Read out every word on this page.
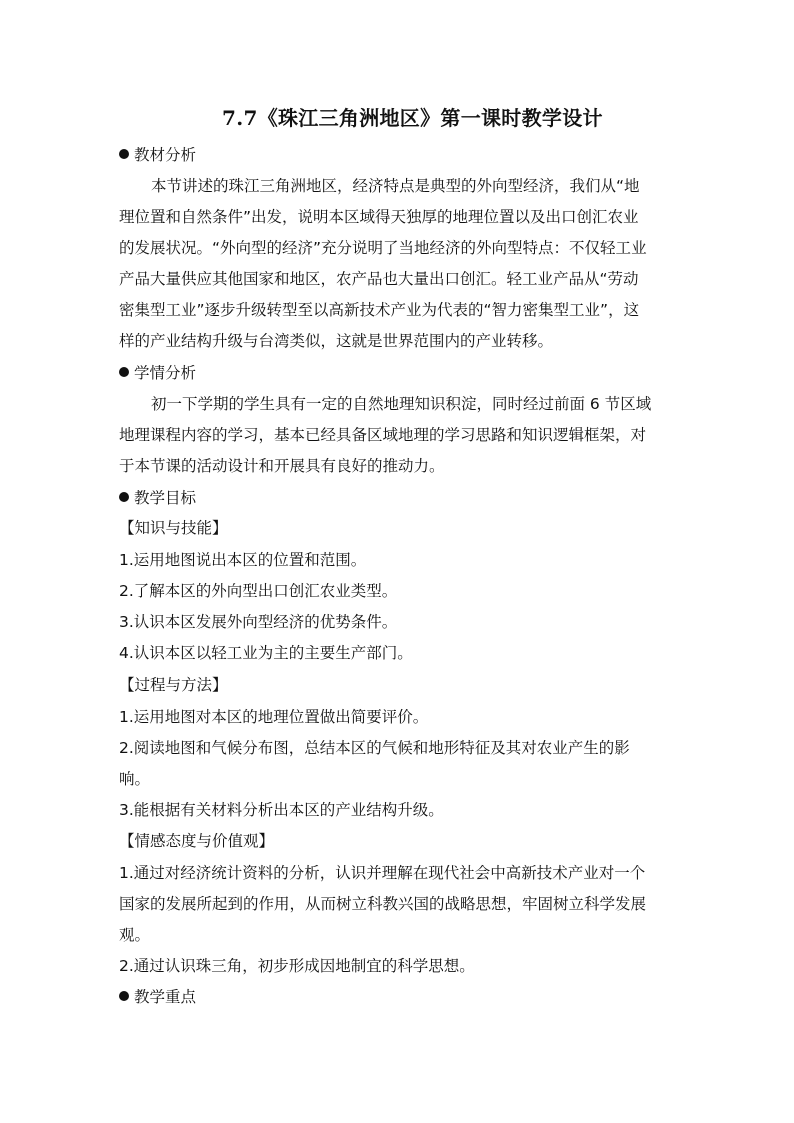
7.7《珠江三角洲地区》第一课时教学设计
教材分析
本节讲述的珠江三角洲地区，经济特点是典型的外向型经济，我们从“地
理位置和自然条件”出发，说明本区域得天独厚的地理位置以及出口创汇农业
的发展状况。“外向型的经济”充分说明了当地经济的外向型特点：不仅轻工业
产品大量供应其他国家和地区，农产品也大量出口创汇。轻工业产品从“劳动
密集型工业”逐步升级转型至以高新技术产业为代表的“智力密集型工业”，这
样的产业结构升级与台湾类似，这就是世界范围内的产业转移。
学情分析
初一下学期的学生具有一定的自然地理知识积淀，同时经过前面 6 节区域
地理课程内容的学习，基本已经具备区域地理的学习思路和知识逻辑框架，对
于本节课的活动设计和开展具有良好的推动力。
教学目标
【知识与技能】
1.运用地图说出本区的位置和范围。
2.了解本区的外向型出口创汇农业类型。
3.认识本区发展外向型经济的优势条件。
4.认识本区以轻工业为主的主要生产部门。
【过程与方法】
1.运用地图对本区的地理位置做出简要评价。
2.阅读地图和气候分布图，总结本区的气候和地形特征及其对农业产生的影
响。
3.能根据有关材料分析出本区的产业结构升级。
【情感态度与价值观】
1.通过对经济统计资料的分析，认识并理解在现代社会中高新技术产业对一个
国家的发展所起到的作用，从而树立科教兴国的战略思想，牢固树立科学发展
观。
2.通过认识珠三角，初步形成因地制宜的科学思想。
教学重点
